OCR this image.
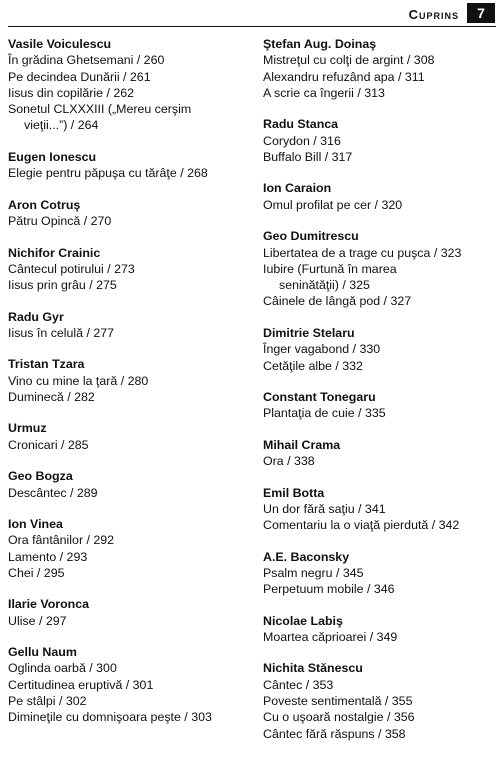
Cuprins	7
Vasile Voiculescu
În grădina Ghetsemani / 260
Pe decindea Dunării / 261
Iisus din copilărie / 262
Sonetul CLXXXIII („Mereu cerşim
vieţii...”) / 264
Eugen Ionescu
Elegie pentru păpuşa cu tărâţe / 268
Aron Cotruş
Pătru Opincă / 270
Nichifor Crainic
Cântecul potirului / 273
Iisus prin grâu / 275
Radu Gyr
Iisus în celulă / 277
Tristan Tzara
Vino cu mine la ţară / 280
Duminecă / 282
Urmuz
Cronicari / 285
Geo Bogza
Descântec / 289
Ion Vinea
Ora fântânilor / 292
Lamento / 293
Chei / 295
Ilarie Voronca
Ulise / 297
Gellu Naum
Oglinda oarbă / 300
Certitudinea eruptivă / 301
Pe stâlpi / 302
Dimineţile cu domnişoara peşte / 303
Ştefan Aug. Doinaş
Mistreţul cu colţi de argint / 308
Alexandru refuzând apa / 311
A scrie ca îngerii / 313
Radu Stanca
Corydon / 316
Buffalo Bill / 317
Ion Caraion
Omul profilat pe cer / 320
Geo Dumitrescu
Libertatea de a trage cu puşca / 323
Iubire (Furtună în marea
seninătăţii) / 325
Câinele de lângă pod / 327
Dimitrie Stelaru
Înger vagabond / 330
Cetăţile albe / 332
Constant Tonegaru
Plantaţia de cuie / 335
Mihail Crama
Ora / 338
Emil Botta
Un dor fără saţiu / 341
Comentariu la o viaţă pierdută / 342
A.E. Baconsky
Psalm negru / 345
Perpetuum mobile / 346
Nicolae Labiş
Moartea căprioarei / 349
Nichita Stănescu
Cântec / 353
Poveste sentimentală / 355
Cu o uşoară nostalgie / 356
Cântec fără răspuns / 358
